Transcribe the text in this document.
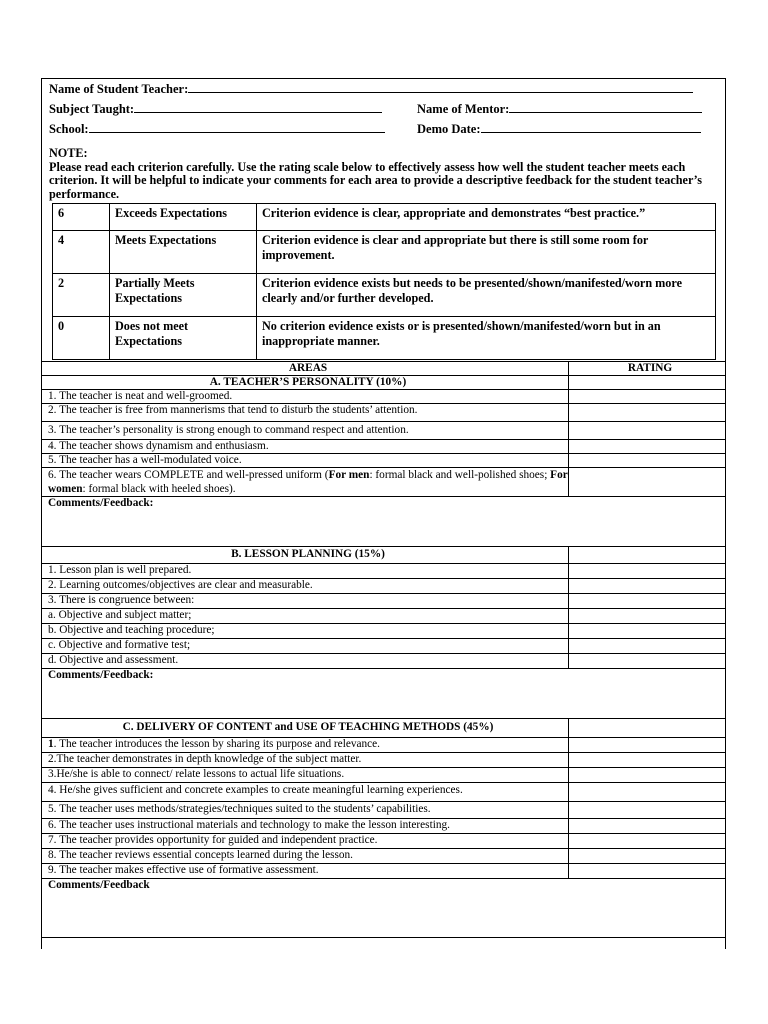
Name of Student Teacher:
Subject Taught:	Name of Mentor:
School:	Demo Date:
NOTE:
Please read each criterion carefully. Use the rating scale below to effectively assess how well the student teacher meets each criterion. It will be helpful to indicate your comments for each area to provide a descriptive feedback for the student teacher’s performance.
6	Exceeds Expectations	Criterion evidence is clear, appropriate and demonstrates “best practice.”
4	Meets Expectations	Criterion evidence is clear and appropriate but there is still some room for improvement.
2	Partially Meets Expectations	Criterion evidence exists but needs to be presented/shown/manifested/worn more clearly and/or further developed.
0	Does not meet Expectations	No criterion evidence exists or is presented/shown/manifested/worn but in an inappropriate manner.
AREAS	RATING
A. TEACHER’S PERSONALITY (10%)	
1. The teacher is neat and well-groomed.	
2. The teacher is free from mannerisms that tend to disturb the students’ attention.	
3. The teacher’s personality is strong enough to command respect and attention.	
4. The teacher shows dynamism and enthusiasm.	
5. The teacher has a well-modulated voice.	
6. The teacher wears COMPLETE and well-pressed uniform (For men: formal black and well-polished shoes; For women: formal black with heeled shoes).	
Comments/Feedback:	
B. LESSON PLANNING (15%)	
1. Lesson plan is well prepared.	
2. Learning outcomes/objectives are clear and measurable.	
3. There is congruence between:	
a. Objective and subject matter;	
b. Objective and teaching procedure;	
c. Objective and formative test;	
d. Objective and assessment.	
Comments/Feedback:	
C. DELIVERY OF CONTENT and USE OF TEACHING METHODS (45%)	
1. The teacher introduces the lesson by sharing its purpose and relevance.	
2.The teacher demonstrates in depth knowledge of the subject matter.	
3.He/she is able to connect/ relate lessons to actual life situations.	
4. He/she gives sufficient and concrete examples to create meaningful learning experiences.	
5. The teacher uses methods/strategies/techniques suited to the students’ capabilities.	
6. The teacher uses instructional materials and technology to make the lesson interesting.	
7. The teacher provides opportunity for guided and independent practice.	
8. The teacher reviews essential concepts learned during the lesson.	
9. The teacher makes effective use of formative assessment.	
Comments/Feedback	
